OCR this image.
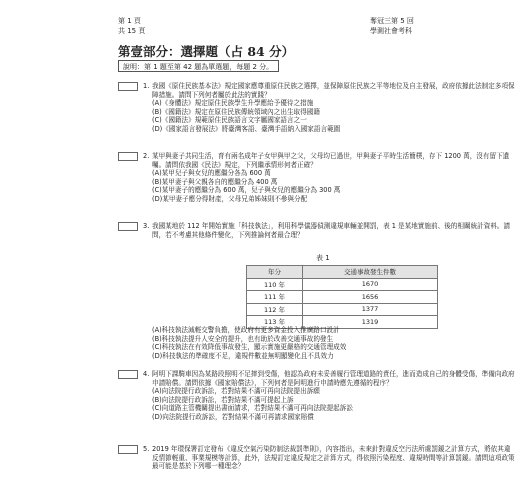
第 1 頁
共 15 頁
奪冠三第 5 回
學測社會考科
第壹部分：選擇題（占 84 分）
說明：第 1 題至第 42 題為單選題，每題 2 分。
1. 我國《原住民族基本法》規定國家應尊重原住民族之選擇，並保障原住民族之平等地位及自主發展，政府依據此法制定多項保障措施。請問下列何者屬於此法的實踐？
(A)《身體法》規定原住民族學生升學應給予優待之措施
(B)《國籍法》規定在原住民族傳統領域內之出生取得國籍
(C)《國籍法》規範原住民族語言文字屬國家語言之一
(D)《國家語言發展法》將臺灣客語、臺灣手語納入國家語言範圍
2. 某甲與妻子共同生活，育有兩名成年子女甲與甲之父，父母均已過世，甲與妻子平時生活簡樸，存下 1200 萬，沒有留下遺囑。請問依我國《民法》規定，下列繼承情形何者正確？
(A)某甲兒子與女兒的應繼分各為 600 萬
(B)某甲妻子與父親各自的應繼分為 400 萬
(C)某甲妻子的應繼分為 600 萬，兒子與女兒的應繼分為 300 萬
(D)某甲妻子應分得財產，父母兄弟姊妹則不參與分配
3. 我國某地於 112 年開始實施「科技執法」，利用科學儀器偵測違規車輛並開罰，表 1 是某地實施前、後的相關統計資料。請問，若不考慮其他條件變化，下列推論何者最合理？
表 1
年分	交通事故發生件數
110 年	1670
111 年	1656
112 年	1377
113 年	1319
(A)科技執法減輕交警負擔，使政府有更多資金投入推廣路口設計
(B)科技執法提升人安全的提升，也有助於改善交通事故的發生
(C)科技執法在有效降低事故發生，顯示實施更嚴格的交通管理成效
(D)科技執法的準確度不足，違規件數並無明顯變化且不具效力
4. 阿明下課騎車因為某路段照明不足摔到受傷，他認為政府未妥善履行管理道路的責任，進而造成自己的身體受傷，準備向政府申請賠償。請問依據《國家賠償法》，下列何者是阿明進行申請時應先遵循的程序？
(A)向法院提行政訴訟，若對結果不滿可再向法院提出訴願
(B)向法院提行政訴訟，若對結果不滿可提起上訴
(C)向道路主管機關提出書面請求，若對結果不滿可再向法院提起訴訟
(D)向法院提行政訴訟，若對結果不滿可再請求國家賠償
5. 2019 年環保署訂定發布《違反空氣污染防制法裁罰準則》，內容指出，未來針對違反空污法所處罰鍰之計算方式，將依其違反情節輕重、事業規模等計算，此外，法規訂定違反規定之計算方式，得依照污染程度、違規時間等計算罰鍰。請問這項政策最可能是基於下列哪一種理念？
